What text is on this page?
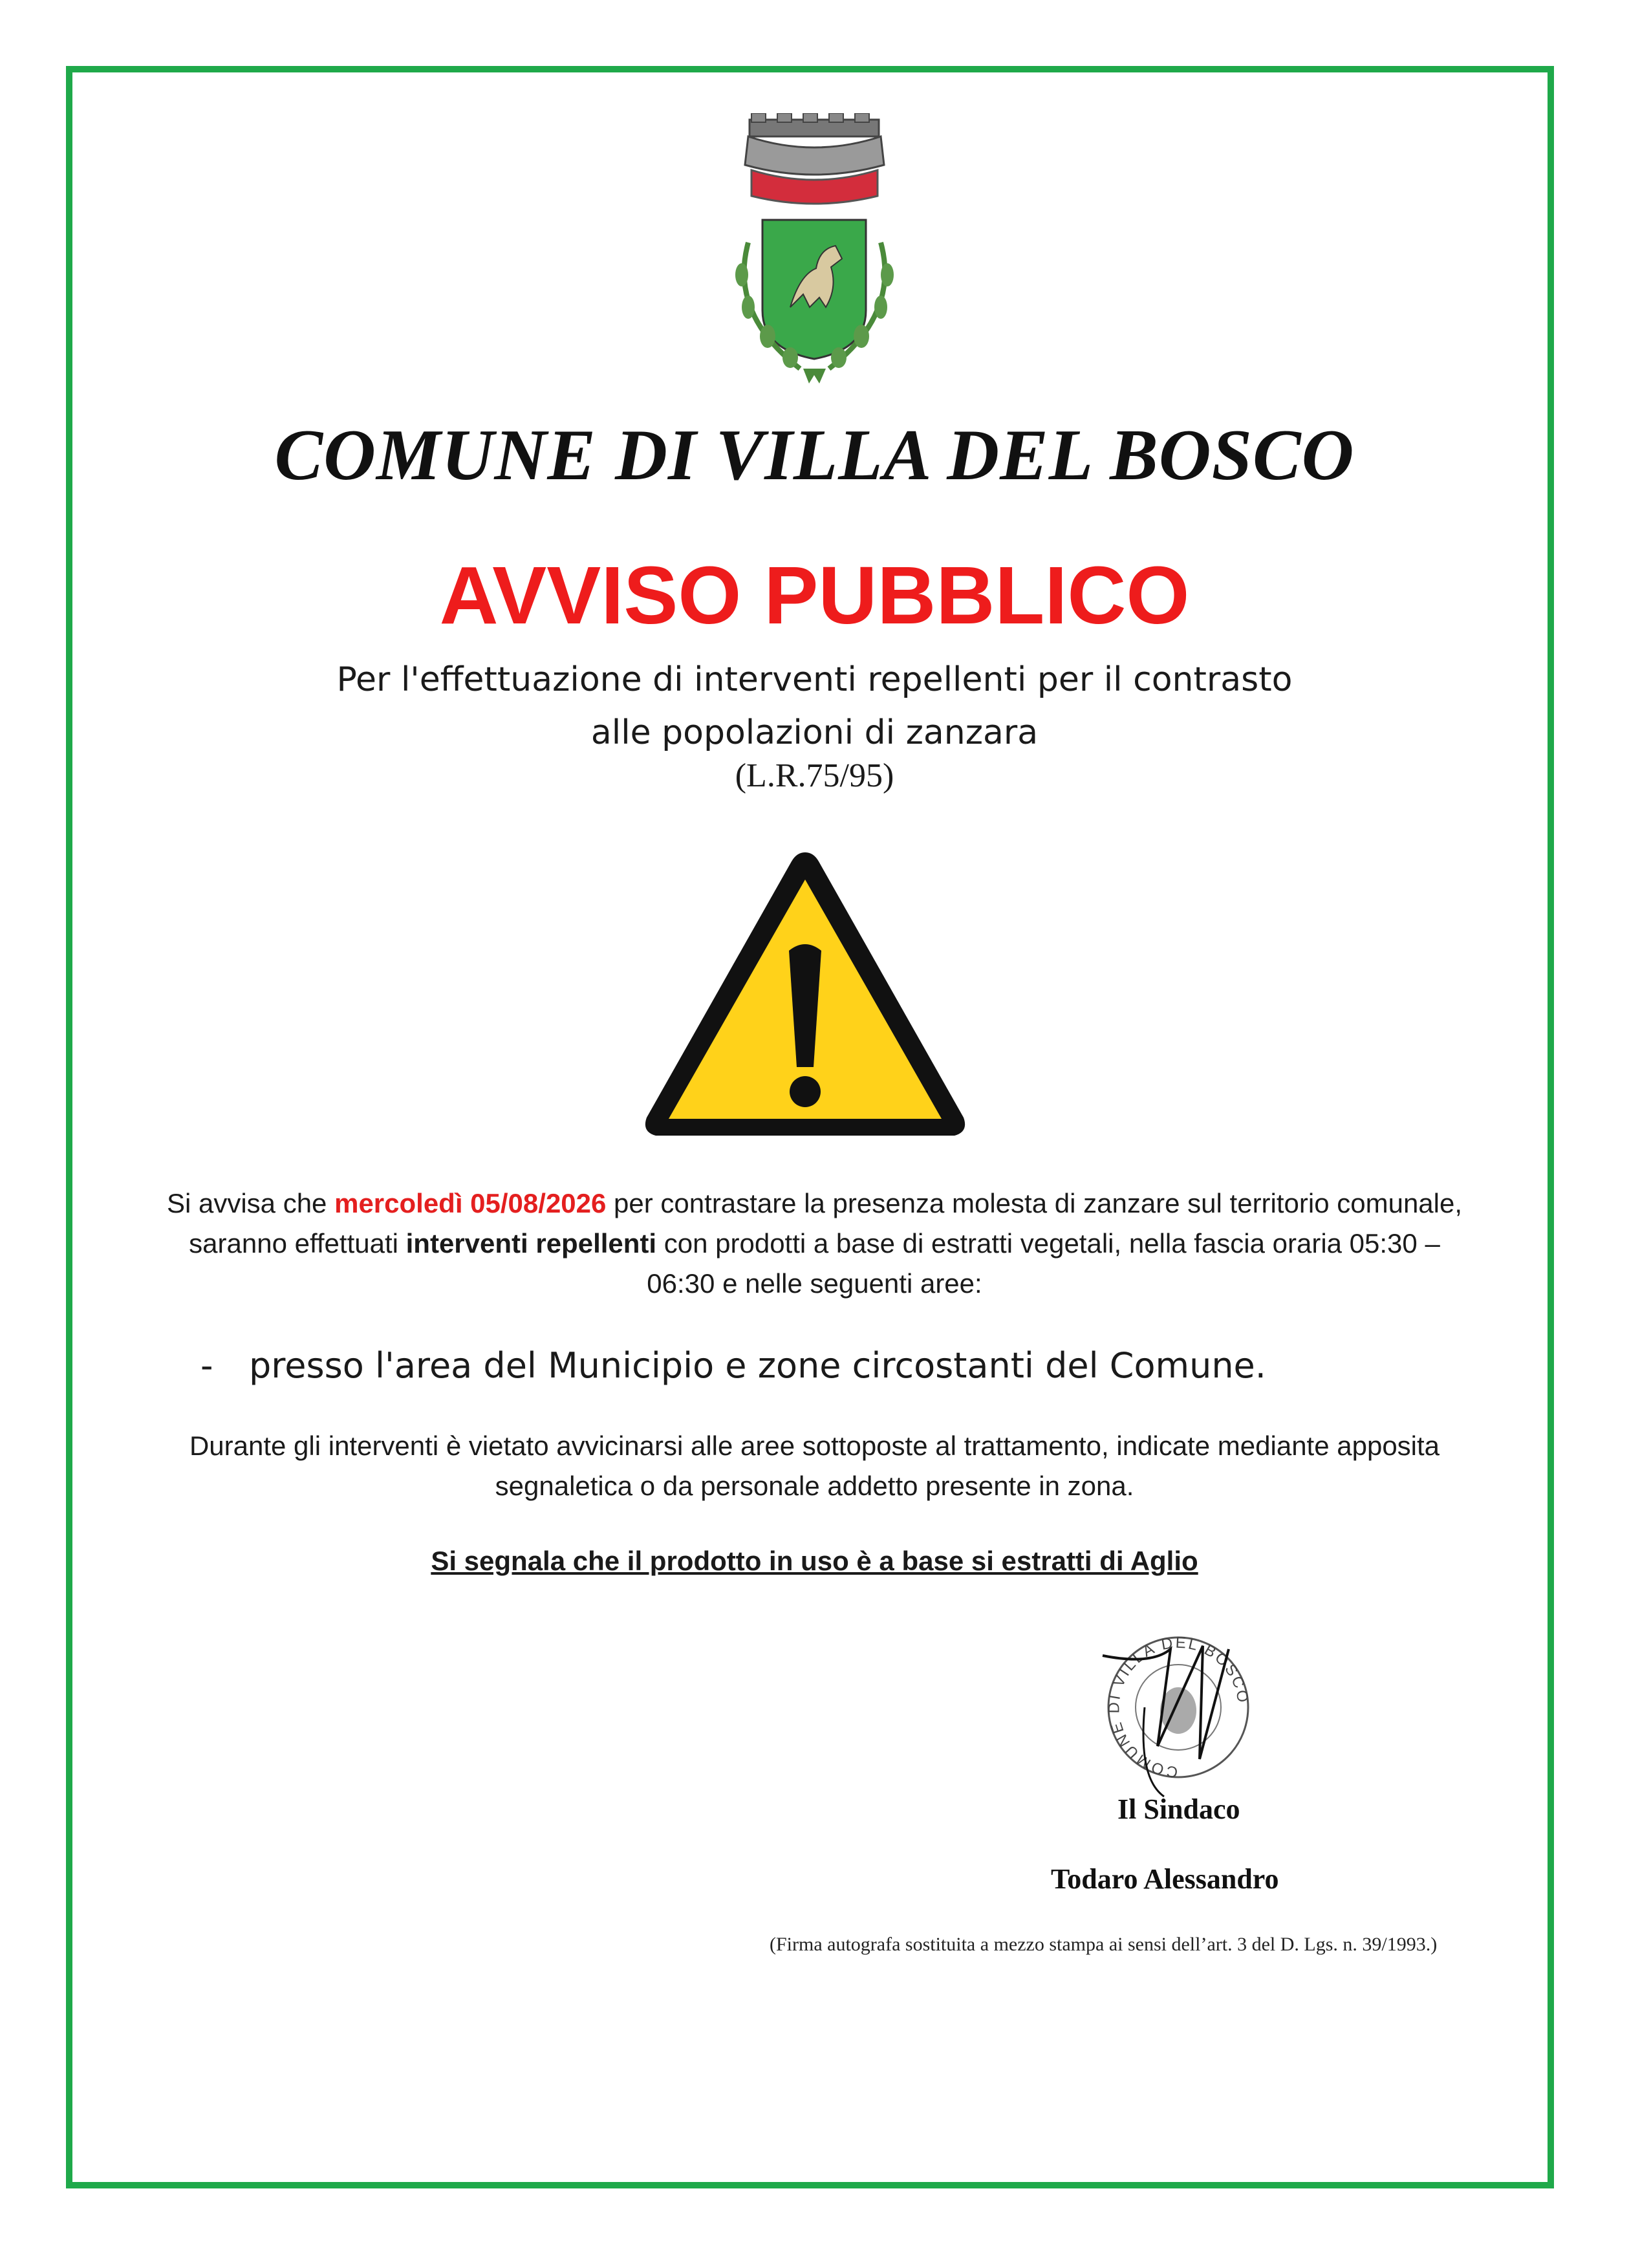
COMUNE DI VILLA DEL BOSCO
AVVISO PUBBLICO
Per l'effettuazione di interventi repellenti per il contrasto
alle popolazioni di zanzara
(L.R.75/95)
Si avvisa che mercoledì 05/08/2026 per contrastare la presenza molesta di zanzare sul territorio comunale, saranno effettuati interventi repellenti con prodotti a base di estratti vegetali, nella fascia oraria 05:30 – 06:30 e nelle seguenti aree:
- presso l'area del Municipio e zone circostanti del Comune.
Durante gli interventi è vietato avvicinarsi alle aree sottoposte al trattamento, indicate mediante apposita segnaletica o da personale addetto presente in zona.
Si segnala che il prodotto in uso è a base si estratti di Aglio
COMUNE DI VILLA DEL BOSCO
Il Sindaco
Todaro Alessandro
(Firma autografa sostituita a mezzo stampa ai sensi dell’art. 3 del D. Lgs. n. 39/1993.)
